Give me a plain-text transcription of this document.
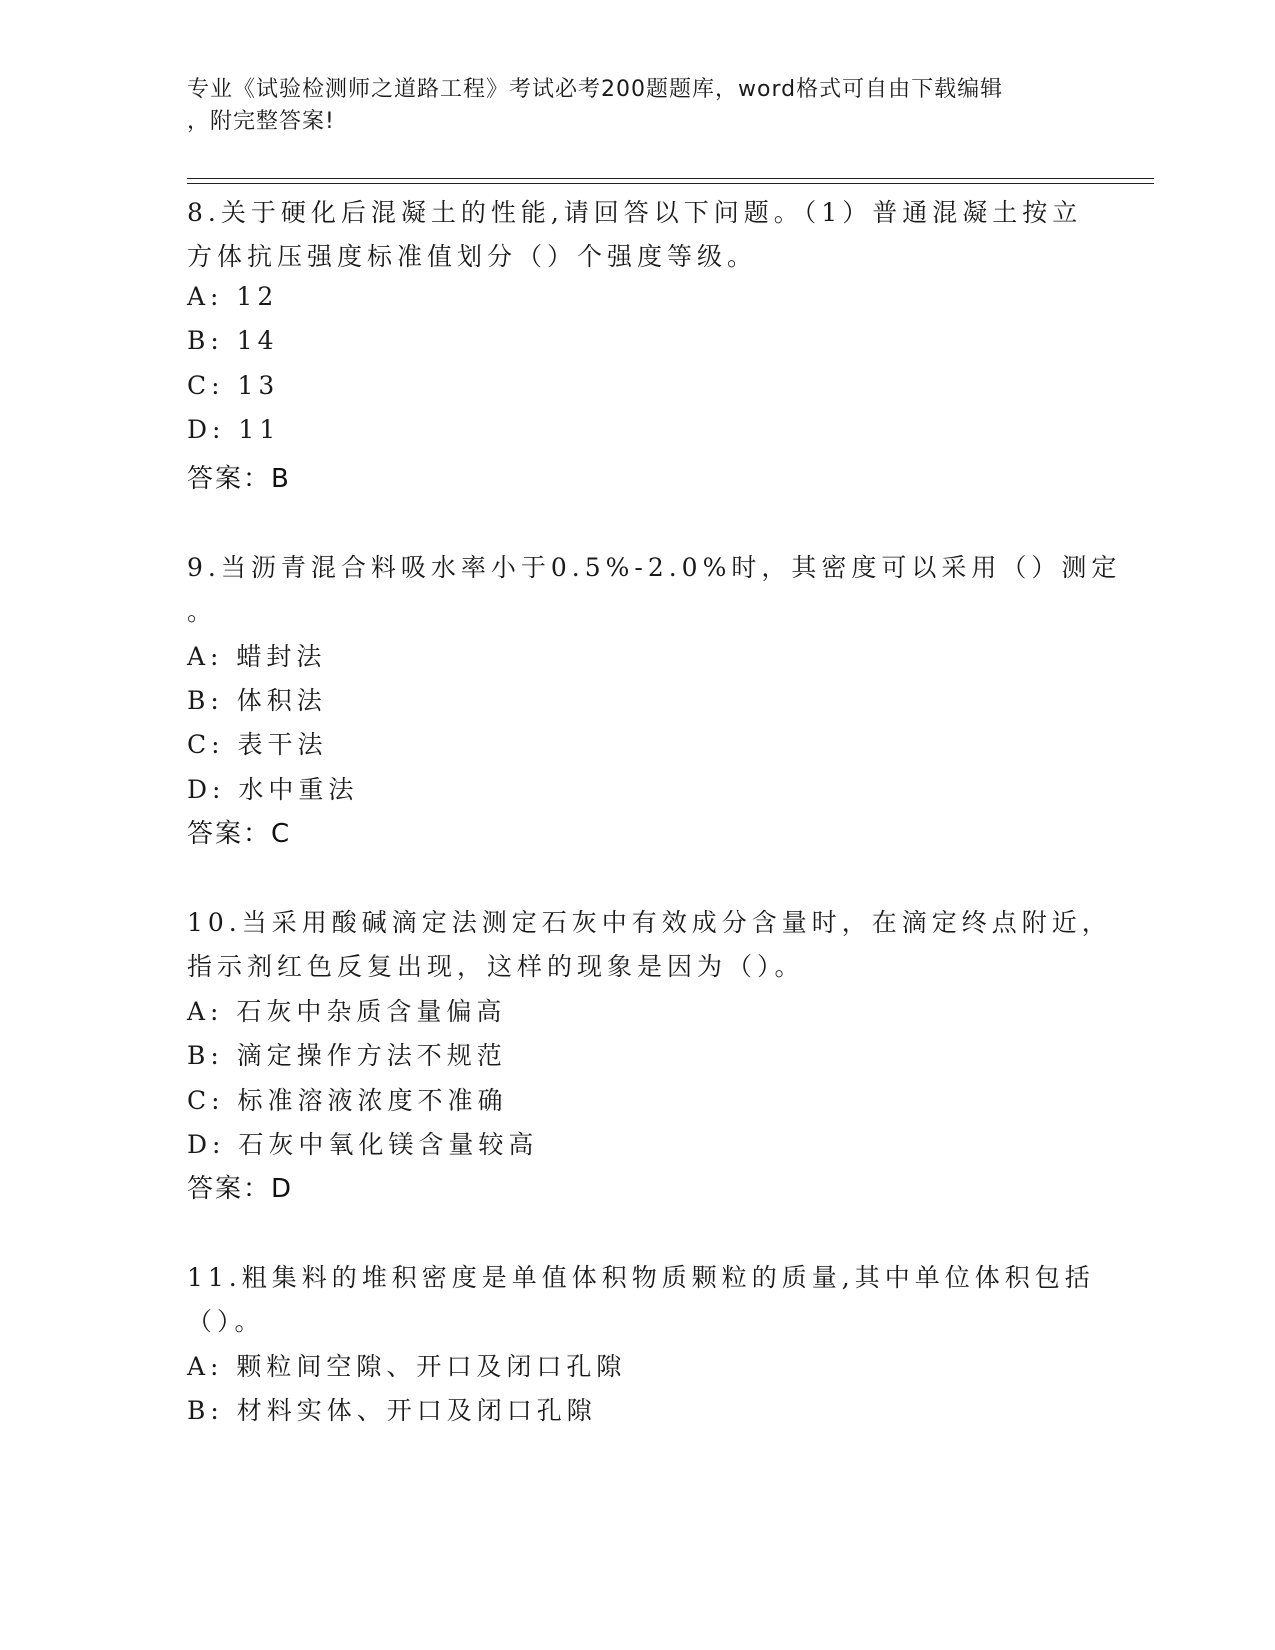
专业《试验检测师之道路工程》考试必考200题题库，word格式可自由下载编辑
，附完整答案!
8.关于硬化后混凝土的性能,请回答以下问题。（1）普通混凝土按立
方体抗压强度标准值划分（）个强度等级。
A: 12
B: 14
C: 13
D: 11
答案：B
9.当沥青混合料吸水率小于0.5%-2.0%时，其密度可以采用（）测定
。
A: 蜡封法
B: 体积法
C: 表干法
D: 水中重法
答案：C
10.当采用酸碱滴定法测定石灰中有效成分含量时，在滴定终点附近，
指示剂红色反复出现，这样的现象是因为（）。
A: 石灰中杂质含量偏高
B: 滴定操作方法不规范
C: 标准溶液浓度不准确
D: 石灰中氧化镁含量较高
答案：D
11.粗集料的堆积密度是单值体积物质颗粒的质量,其中单位体积包括
（）。
A: 颗粒间空隙、开口及闭口孔隙
B: 材料实体、开口及闭口孔隙
